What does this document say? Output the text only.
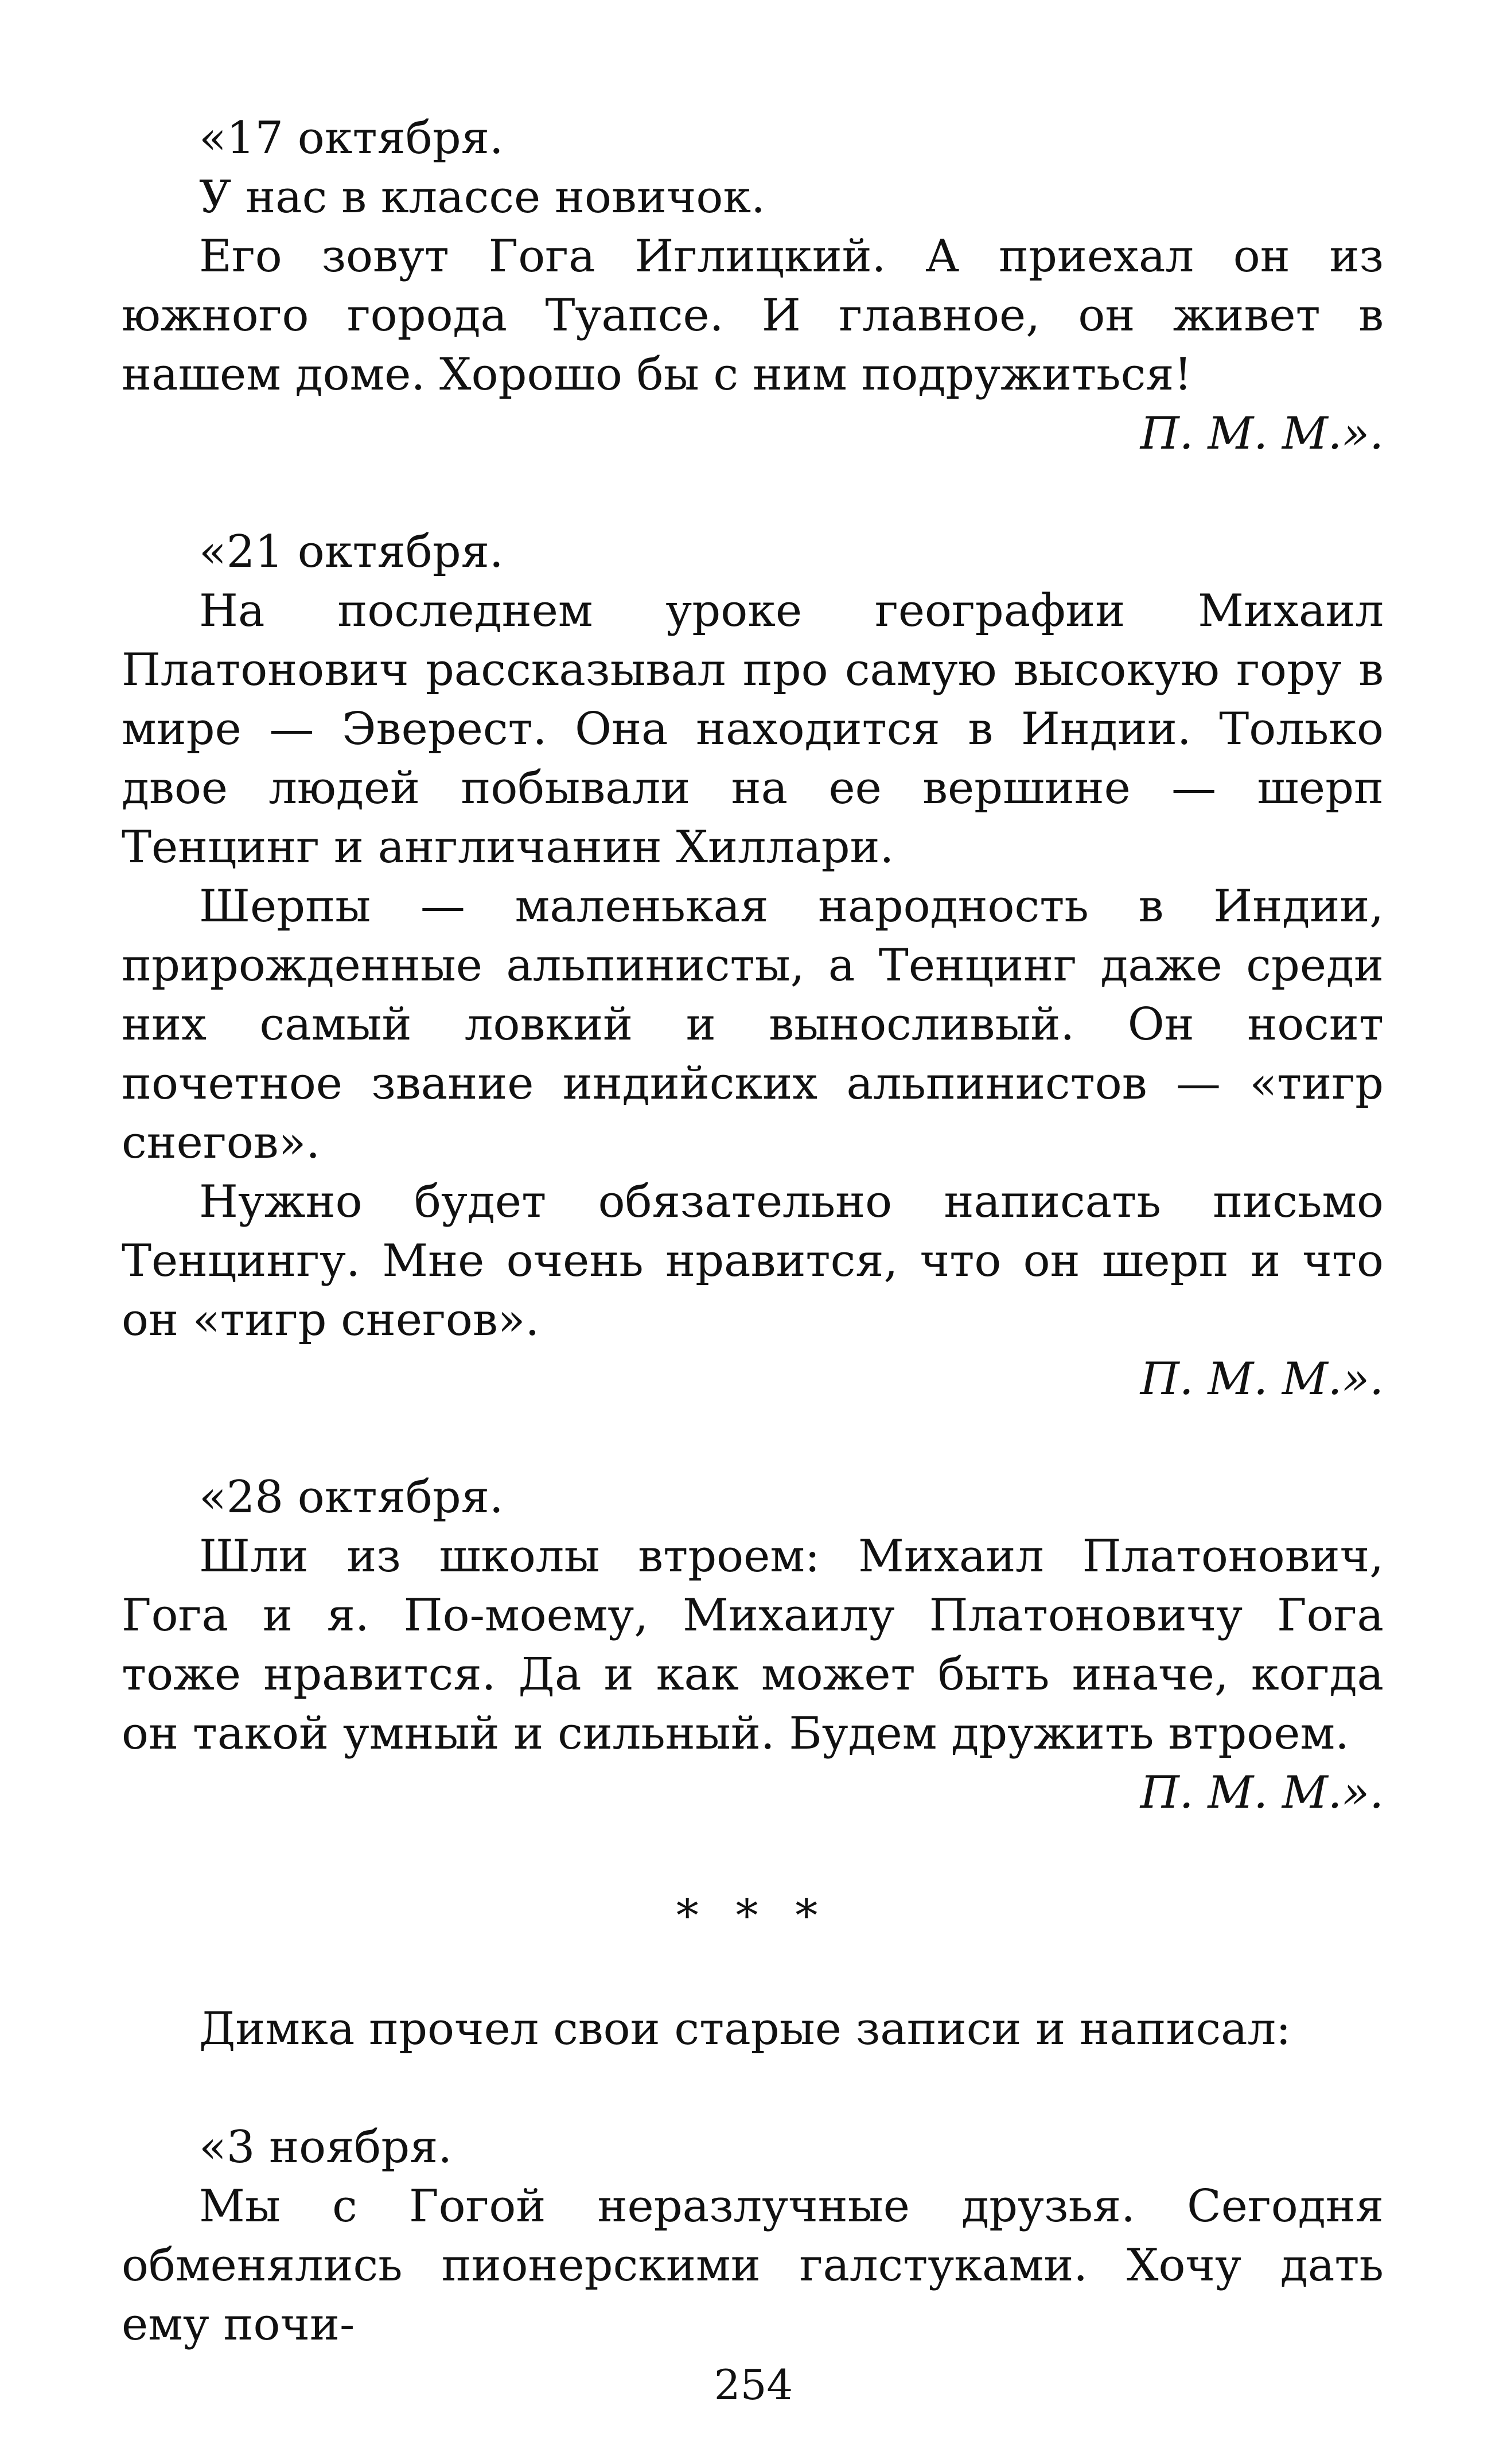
«17 октября.

У нас в классе новичок.

Его зовут Гога Иглицкий. А приехал он из южного города Туапсе. И главное, он живет в нашем доме. Хорошо бы с ним подружиться!

П. М. М.».

«21 октября.

На последнем уроке географии Михаил Платонович рассказывал про самую высокую гору в мире — Эверест. Она находится в Индии. Только двое людей побывали на ее вершине — шерп Тенцинг и англичанин Хиллари.

Шерпы — маленькая народность в Индии, прирожденные альпинисты, а Тенцинг даже среди них самый ловкий и выносливый. Он носит почетное звание индийских альпинистов — «тигр снегов».

Нужно будет обязательно написать письмо Тенцингу. Мне очень нравится, что он шерп и что он «тигр снегов».

П. М. М.».

«28 октября.

Шли из школы втроем: Михаил Платонович, Гога и я. По-моему, Михаилу Платоновичу Гога тоже нравится. Да и как может быть иначе, когда он такой умный и сильный. Будем дружить втроем.

П. М. М.».

* * *

Димка прочел свои старые записи и написал:

«3 ноября.

Мы с Гогой неразлучные друзья. Сегодня обменялись пионерскими галстуками. Хочу дать ему почи-

254
